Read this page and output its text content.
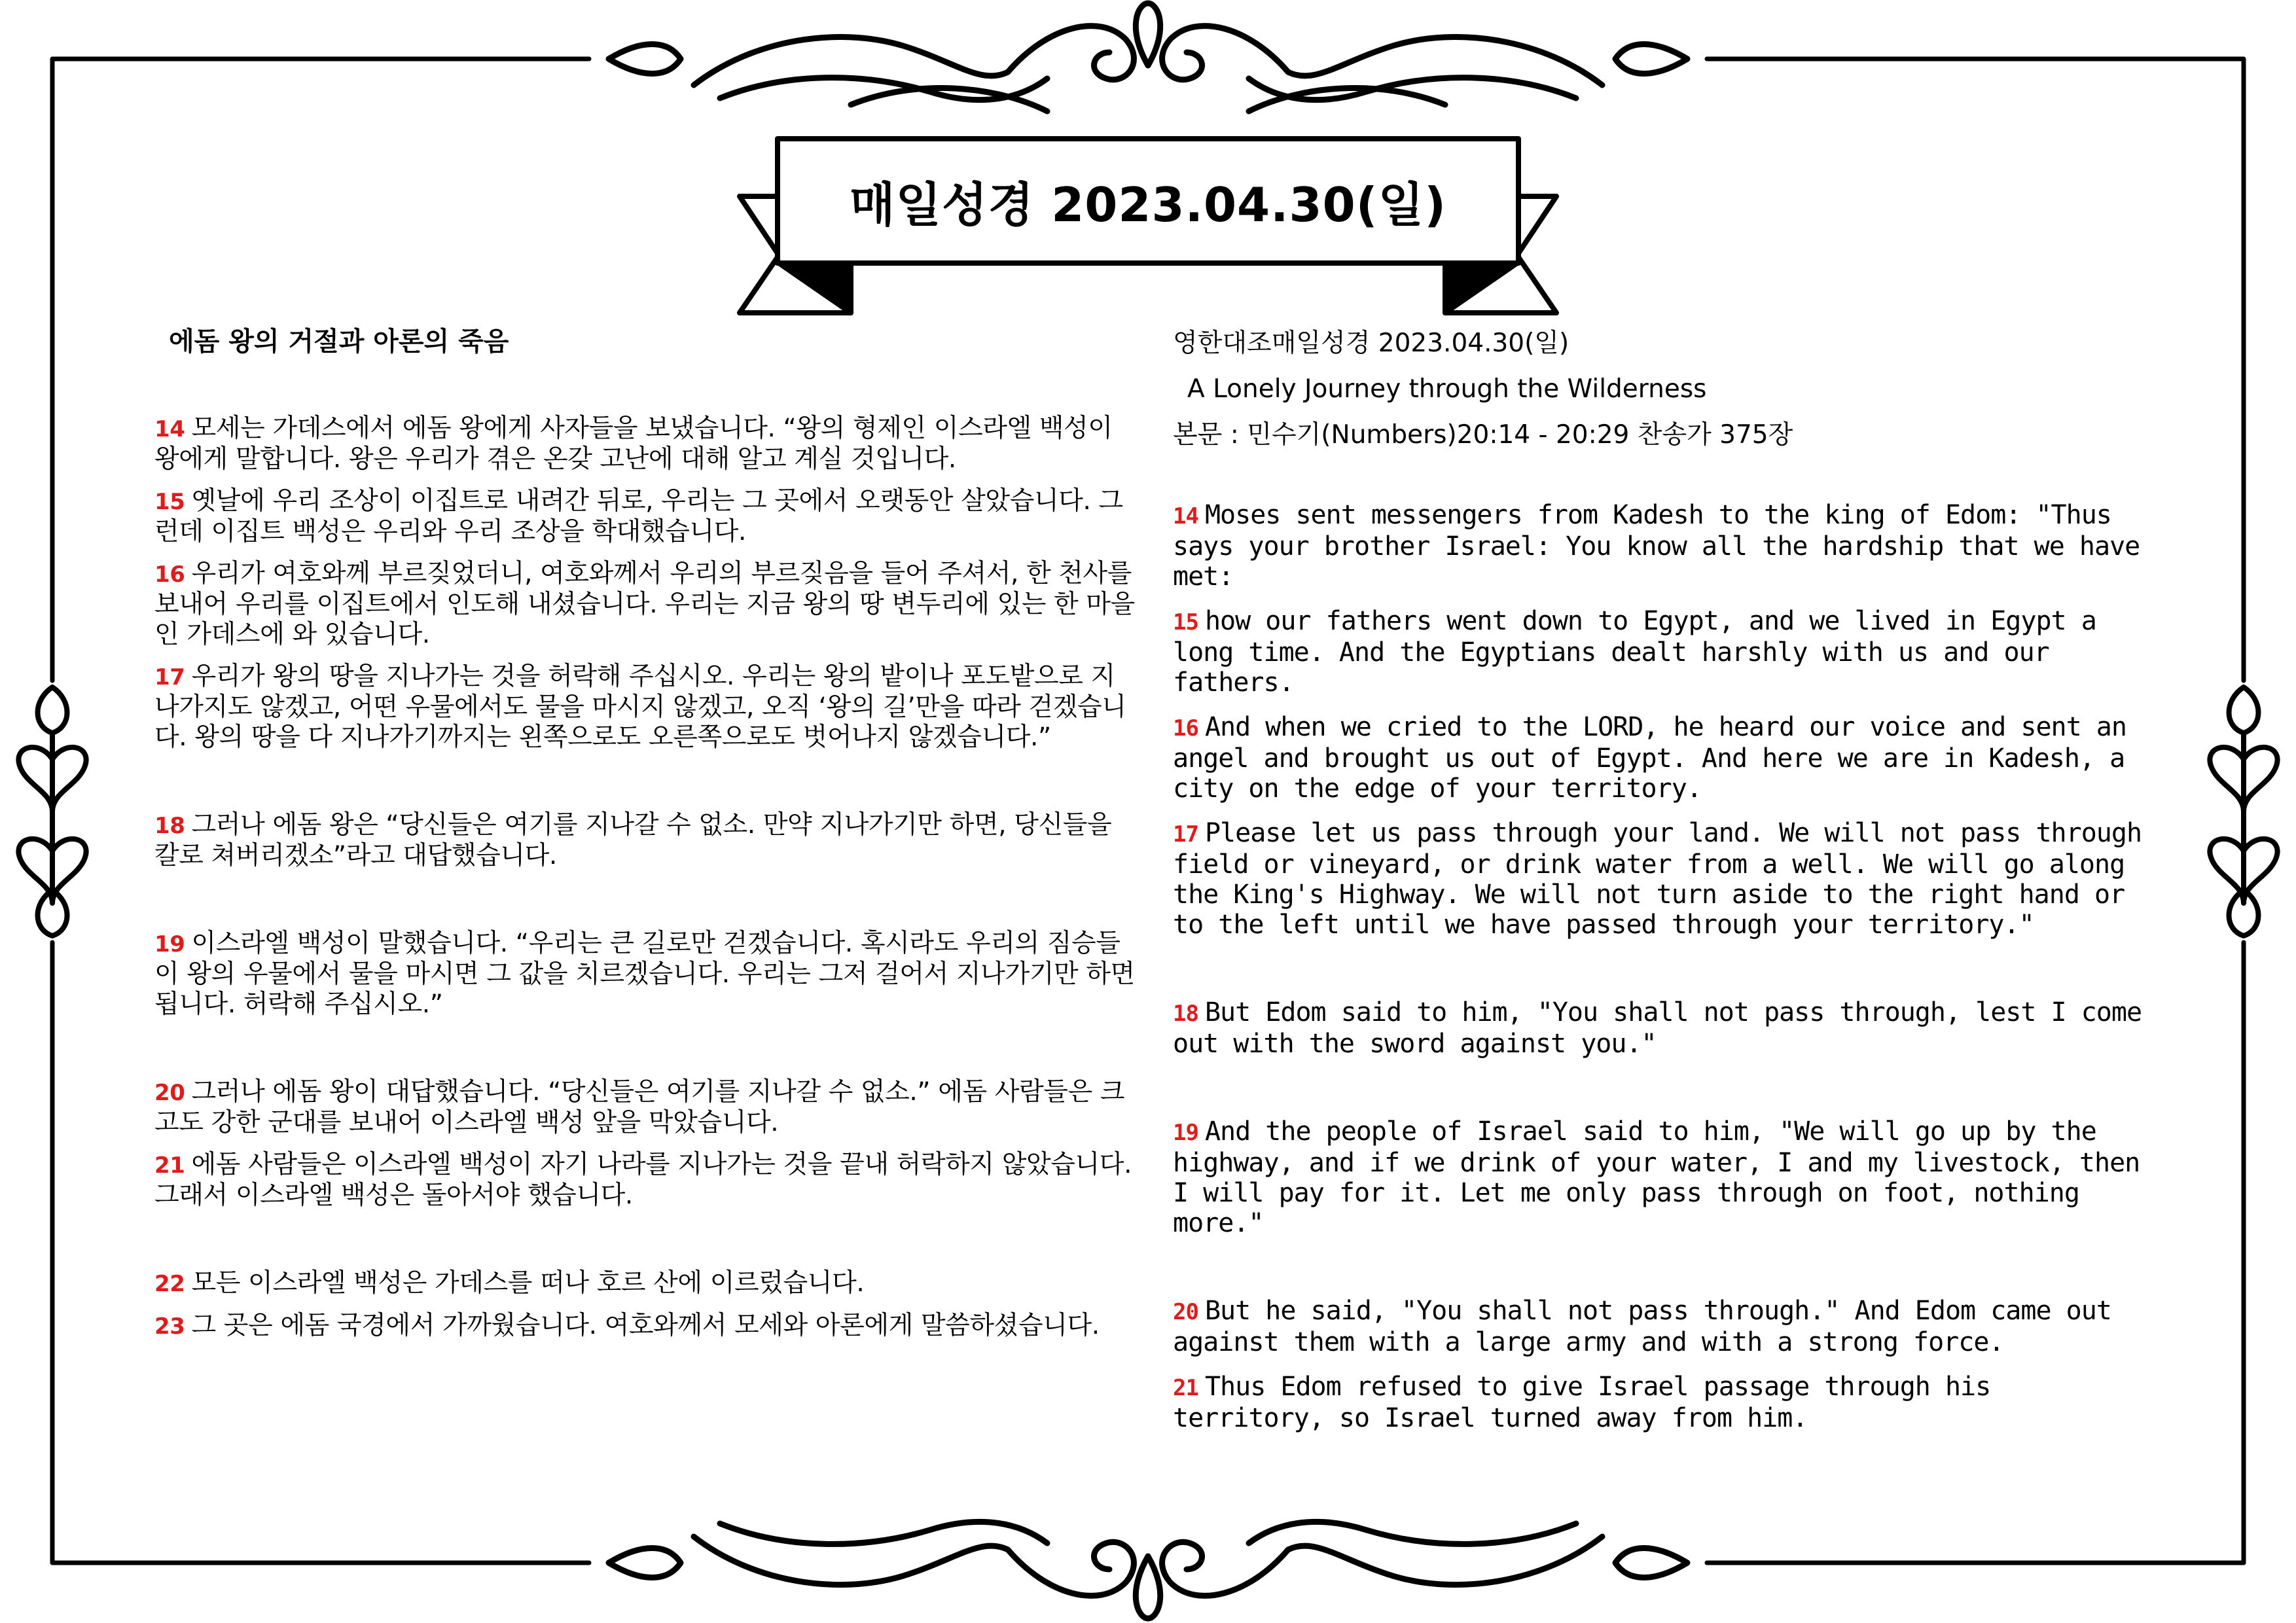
매일성경 2023.04.30(일)
에돔 왕의 거절과 아론의 죽음	영한대조매일성경 2023.04.30(일)
A Lonely Journey through the Wilderness
본문 : 민수기(Numbers)20:14 - 20:29 찬송가 375장

14 모세는 가데스에서 에돔 왕에게 사자들을 보냈습니다. “왕의 형제인 이스라엘 백성이 왕에게 말합니다. 왕은 우리가 겪은 온갖 고난에 대해 알고 계실 것입니다.

15 옛날에 우리 조상이 이집트로 내려간 뒤로, 우리는 그 곳에서 오랫동안 살았습니다. 그런데 이집트 백성은 우리와 우리 조상을 학대했습니다.

16 우리가 여호와께 부르짖었더니, 여호와께서 우리의 부르짖음을 들어 주셔서, 한 천사를 보내어 우리를 이집트에서 인도해 내셨습니다. 우리는 지금 왕의 땅 변두리에 있는 한 마을인 가데스에 와 있습니다.

17 우리가 왕의 땅을 지나가는 것을 허락해 주십시오. 우리는 왕의 밭이나 포도밭으로 지나가지도 않겠고, 어떤 우물에서도 물을 마시지 않겠고, 오직 ‘왕의 길’만을 따라 걷겠습니다. 왕의 땅을 다 지나가기까지는 왼쪽으로도 오른쪽으로도 벗어나지 않겠습니다.”

18 그러나 에돔 왕은 “당신들은 여기를 지나갈 수 없소. 만약 지나가기만 하면, 당신들을 칼로 쳐버리겠소”라고 대답했습니다.

19 이스라엘 백성이 말했습니다. “우리는 큰 길로만 걷겠습니다. 혹시라도 우리의 짐승들이 왕의 우물에서 물을 마시면 그 값을 치르겠습니다. 우리는 그저 걸어서 지나가기만 하면 됩니다. 허락해 주십시오.”

20 그러나 에돔 왕이 대답했습니다. “당신들은 여기를 지나갈 수 없소.” 에돔 사람들은 크고도 강한 군대를 보내어 이스라엘 백성 앞을 막았습니다.

21 에돔 사람들은 이스라엘 백성이 자기 나라를 지나가는 것을 끝내 허락하지 않았습니다. 그래서 이스라엘 백성은 돌아서야 했습니다.

22 모든 이스라엘 백성은 가데스를 떠나 호르 산에 이르렀습니다.

23 그 곳은 에돔 국경에서 가까웠습니다. 여호와께서 모세와 아론에게 말씀하셨습니다.

14 Moses sent messengers from Kadesh to the king of Edom: "Thus says your brother Israel: You know all the hardship that we have met:

15 how our fathers went down to Egypt, and we lived in Egypt a long time. And the Egyptians dealt harshly with us and our fathers.

16 And when we cried to the LORD, he heard our voice and sent an angel and brought us out of Egypt. And here we are in Kadesh, a city on the edge of your territory.

17 Please let us pass through your land. We will not pass through field or vineyard, or drink water from a well. We will go along the King's Highway. We will not turn aside to the right hand or to the left until we have passed through your territory."

18 But Edom said to him, "You shall not pass through, lest I come out with the sword against you."

19 And the people of Israel said to him, "We will go up by the highway, and if we drink of your water, I and my livestock, then I will pay for it. Let me only pass through on foot, nothing more."

20 But he said, "You shall not pass through." And Edom came out against them with a large army and with a strong force.

21 Thus Edom refused to give Israel passage through his territory, so Israel turned away from him.
